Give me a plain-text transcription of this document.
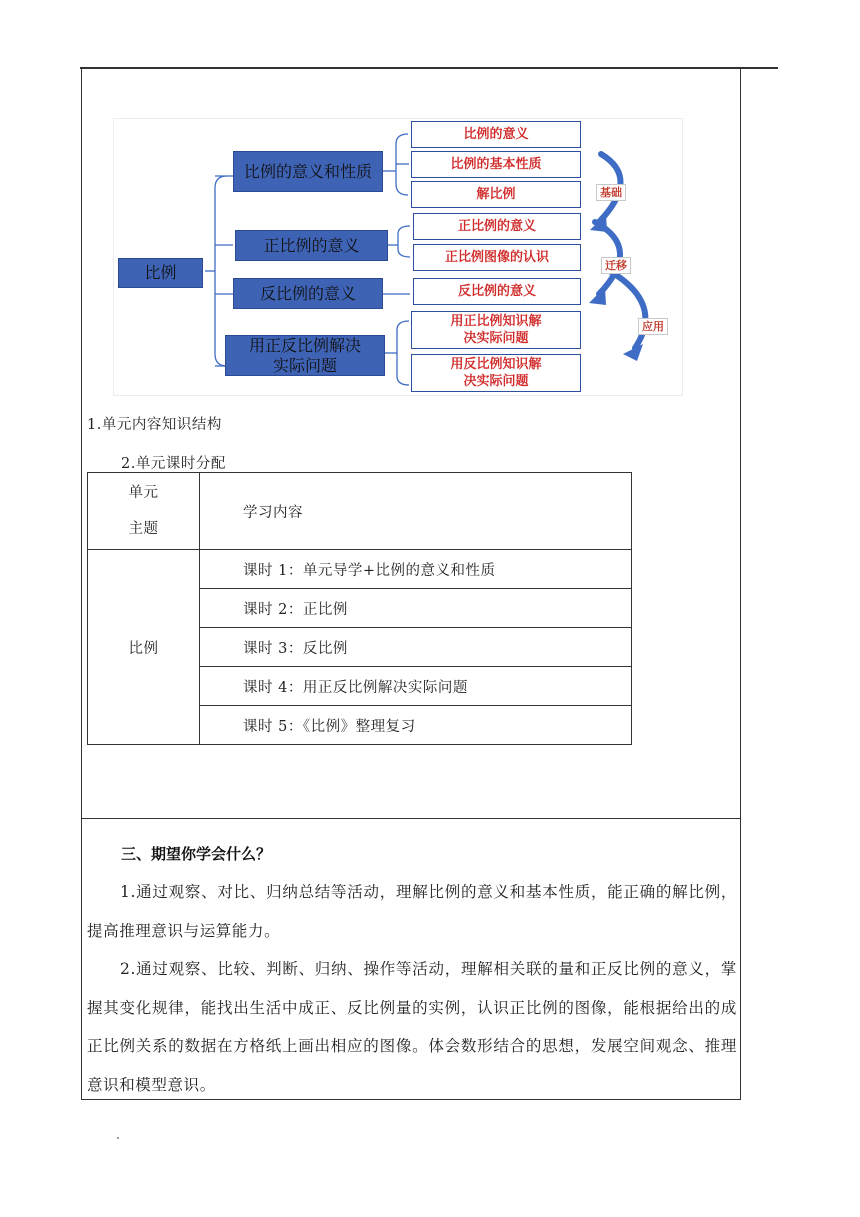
比例
比例的意义和性质
正比例的意义
反比例的意义
用正反比例解决实际问题
比例的意义
比例的基本性质
解比例
正比例的意义
正比例图像的认识
反比例的意义
用正比例知识解决实际问题
用反比例知识解决实际问题
基础
迁移
应用
1.单元内容知识结构
2.单元课时分配
单元
主题	学习内容
比例	课时 1：单元导学+比例的意义和性质
	课时 2：正比例
	课时 3：反比例
	课时 4：用正反比例解决实际问题
	课时 5：《比例》整理复习
三、期望你学会什么？
1.通过观察、对比、归纳总结等活动，理解比例的意义和基本性质，能正确的解比例，提高推理意识与运算能力。
2.通过观察、比较、判断、归纳、操作等活动，理解相关联的量和正反比例的意义，掌握其变化规律，能找出生活中成正、反比例量的实例，认识正比例的图像，能根据给出的成正比例关系的数据在方格纸上画出相应的图像。体会数形结合的思想，发展空间观念、推理意识和模型意识。
